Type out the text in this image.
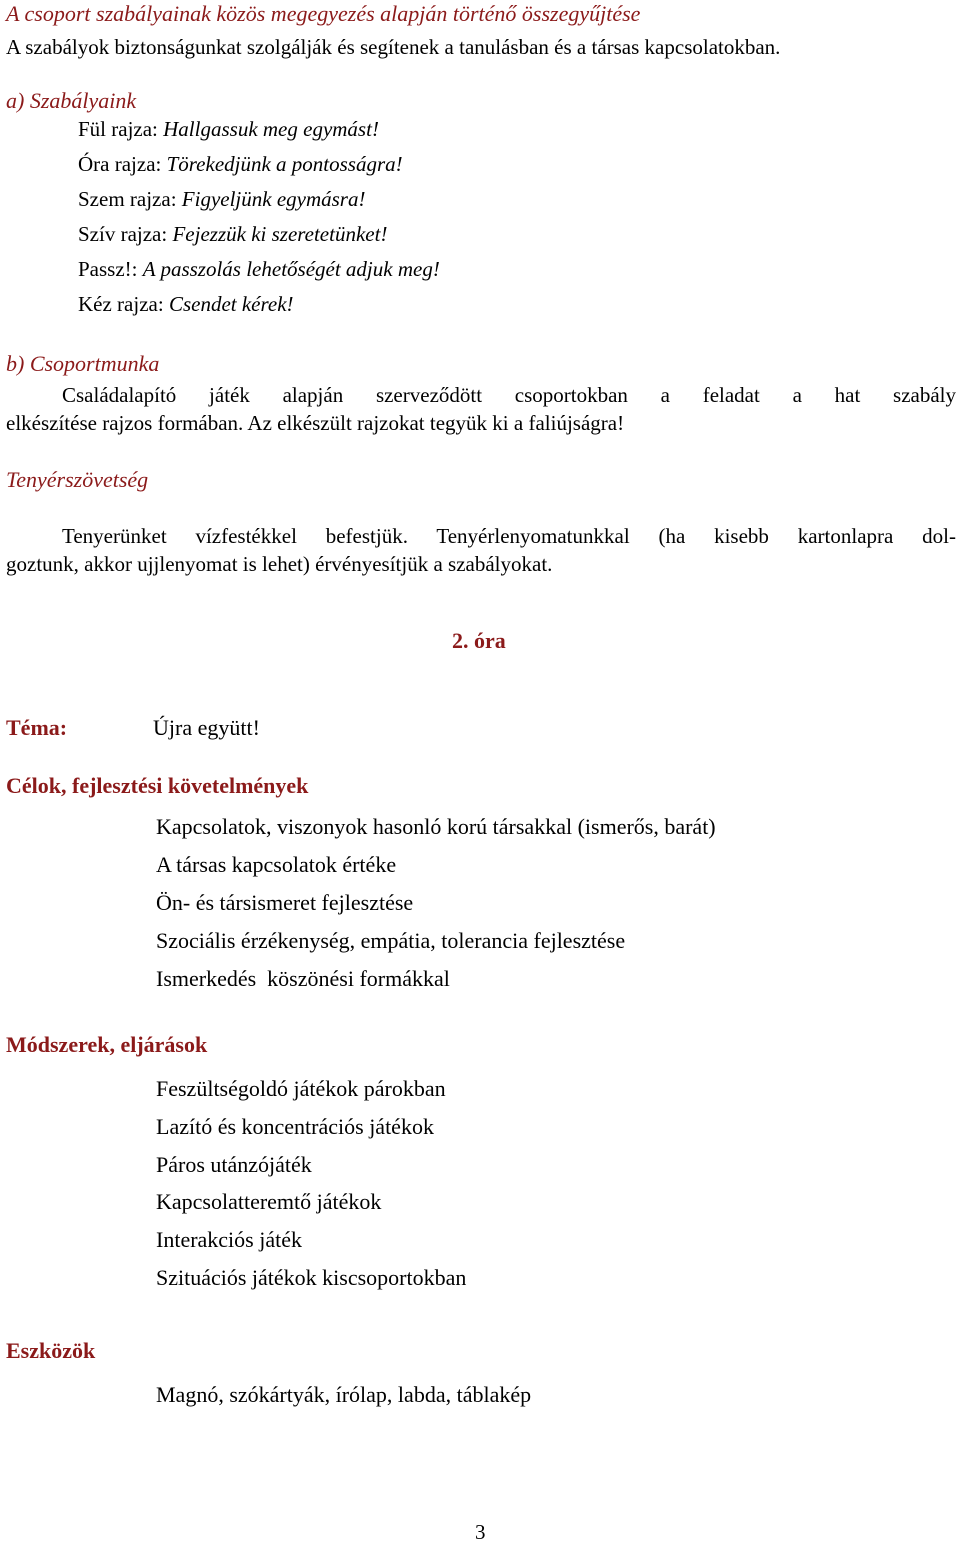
A csoport szabályainak közös megegyezés alapján történő összegyűjtése
A szabályok biztonságunkat szolgálják és segítenek a tanulásban és a társas kapcsolatokban.
a) Szabályaink
Fül rajza: Hallgassuk meg egymást!
Óra rajza: Törekedjünk a pontosságra!
Szem rajza: Figyeljünk egymásra!
Szív rajza: Fejezzük ki szeretetünket!
Passz!: A passzolás lehetőségét adjuk meg!
Kéz rajza: Csendet kérek!
b) Csoportmunka
Családalapító játék alapján szerveződött csoportokban a feladat a hat szabály
elkészítése rajzos formában. Az elkészült rajzokat tegyük ki a faliújságra!
Tenyérszövetség
Tenyerünket vízfestékkel befestjük. Tenyérlenyomatunkkal (ha kisebb kartonlapra dol-
goztunk, akkor ujjlenyomat is lehet) érvényesítjük a szabályokat.
2. óra
Téma:	Újra együtt!
Célok, fejlesztési követelmények
Kapcsolatok, viszonyok hasonló korú társakkal (ismerős, barát)
A társas kapcsolatok értéke
Ön- és társismeret fejlesztése
Szociális érzékenység, empátia, tolerancia fejlesztése
Ismerkedés  köszönési formákkal
Módszerek, eljárások
Feszültségoldó játékok párokban
Lazító és koncentrációs játékok
Páros utánzójáték
Kapcsolatteremtő játékok
Interakciós játék
Szituációs játékok kiscsoportokban
Eszközök
Magnó, szókártyák, írólap, labda, táblakép
3
